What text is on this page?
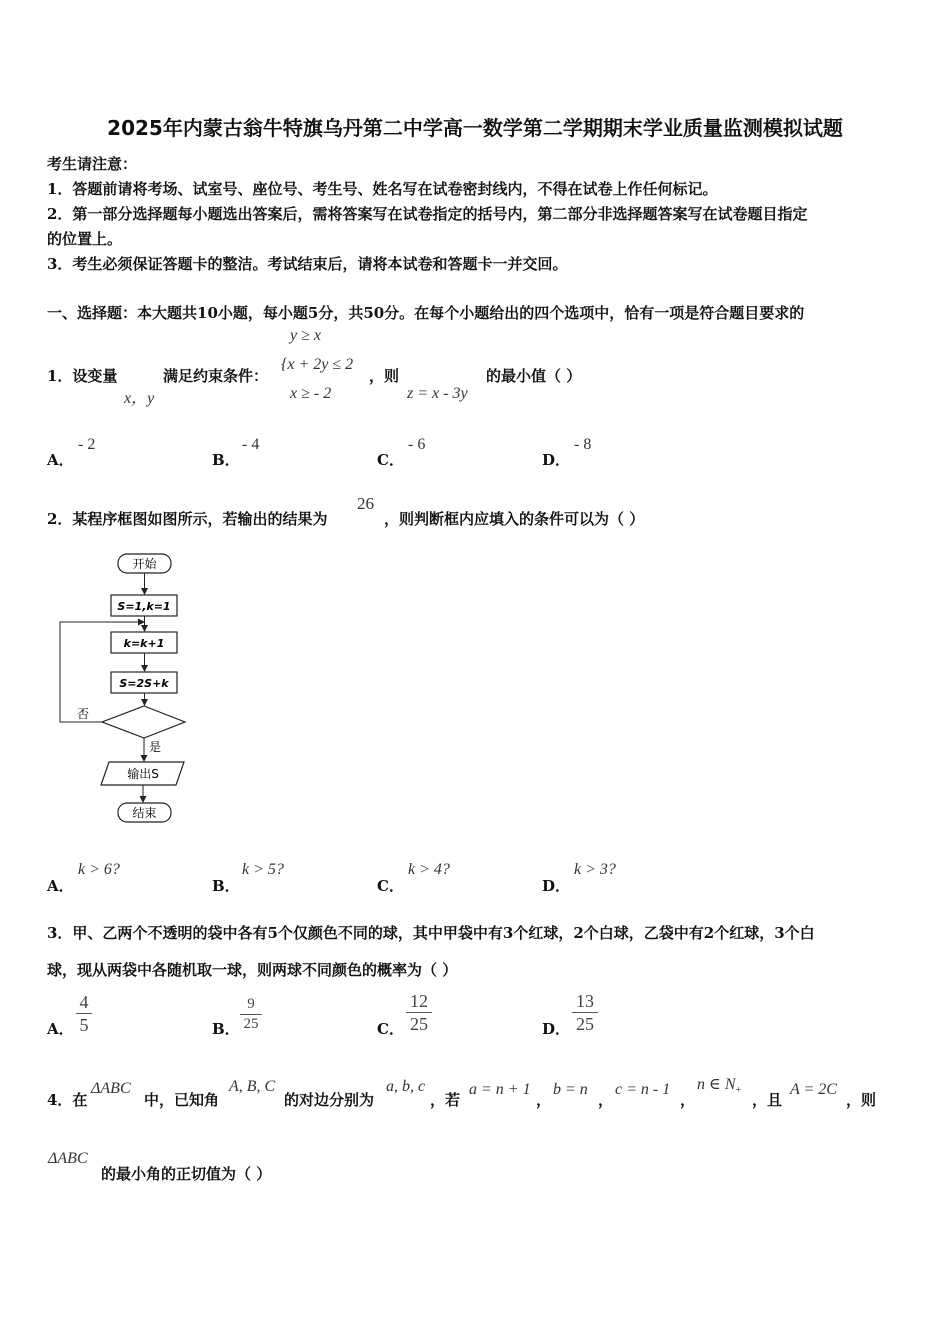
2025年内蒙古翁牛特旗乌丹第二中学高一数学第二学期期末学业质量监测模拟试题
考生请注意：
1．答题前请将考场、试室号、座位号、考生号、姓名写在试卷密封线内，不得在试卷上作任何标记。
2．第一部分选择题每小题选出答案后，需将答案写在试卷指定的括号内，第二部分非选择题答案写在试卷题目指定
的位置上。
3．考生必须保证答题卡的整洁。考试结束后，请将本试卷和答题卡一并交回。
一、选择题：本大题共10小题，每小题5分，共50分。在每个小题给出的四个选项中，恰有一项是符合题目要求的
1．设变量
x，y
满足约束条件：
y ≥ x
{x + 2y ≤ 2
x ≥ - 2
，则
z = x - 3y
的最小值（ ）
A．
- 2
B．
- 4
C．
- 6
D．
- 8
2．某程序框图如图所示，若输出的结果为
26
，则判断框内应填入的条件可以为（ ）
开始
S=1,k=1
k=k+1
S=2S+k
否
是
输出S
结束
A．
k > 6?
B．
k > 5?
C．
k > 4?
D．
k > 3?
3．甲、乙两个不透明的袋中各有5个仅颜色不同的球，其中甲袋中有3个红球，2个白球，乙袋中有2个红球，3个白
球，现从两袋中各随机取一球，则两球不同颜色的概率为（ ）
A．
4
5	B．
9
25	C．
12
25	D．
13
25
4．在
ΔABC
中，已知角
A, B, C
的对边分别为
a, b, c
，若
a = n + 1
，
b = n
，
c = n - 1
，
n ∈ $N_+$
，且
A = 2C
，则
ΔABC
的最小角的正切值为（ ）
